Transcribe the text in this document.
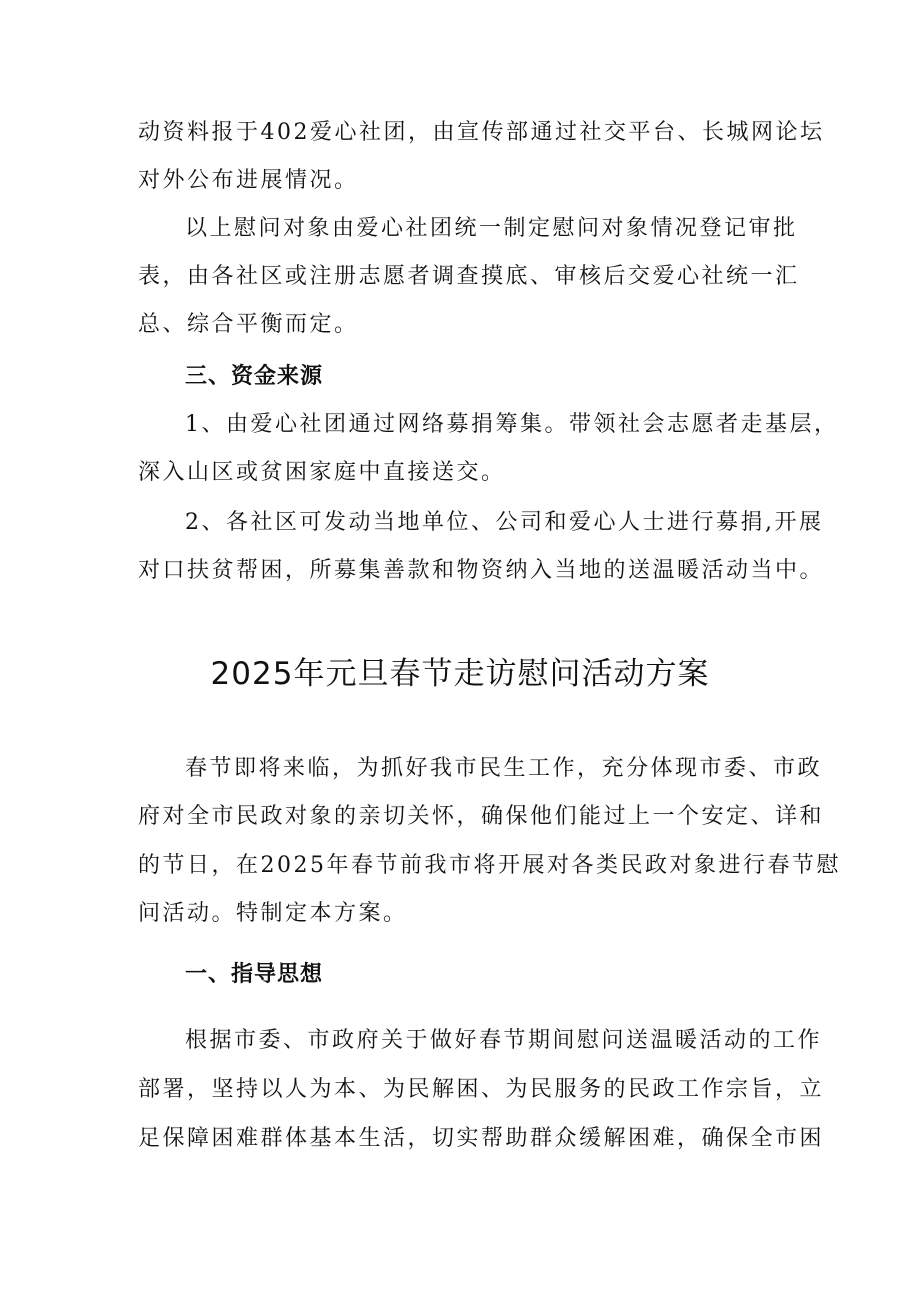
动资料报于402爱心社团，由宣传部通过社交平台、长城网论坛
对外公布进展情况。
以上慰问对象由爱心社团统一制定慰问对象情况登记审批
表，由各社区或注册志愿者调查摸底、审核后交爱心社统一汇
总、综合平衡而定。
三、资金来源
1、由爱心社团通过网络募捐筹集。带领社会志愿者走基层，
深入山区或贫困家庭中直接送交。
2、各社区可发动当地单位、公司和爱心人士进行募捐,开展
对口扶贫帮困，所募集善款和物资纳入当地的送温暖活动当中。
2025年元旦春节走访慰问活动方案
春节即将来临，为抓好我市民生工作，充分体现市委、市政
府对全市民政对象的亲切关怀，确保他们能过上一个安定、详和
的节日，在2025年春节前我市将开展对各类民政对象进行春节慰
问活动。特制定本方案。
一、指导思想
根据市委、市政府关于做好春节期间慰问送温暖活动的工作
部署，坚持以人为本、为民解困、为民服务的民政工作宗旨，立
足保障困难群体基本生活，切实帮助群众缓解困难，确保全市困
